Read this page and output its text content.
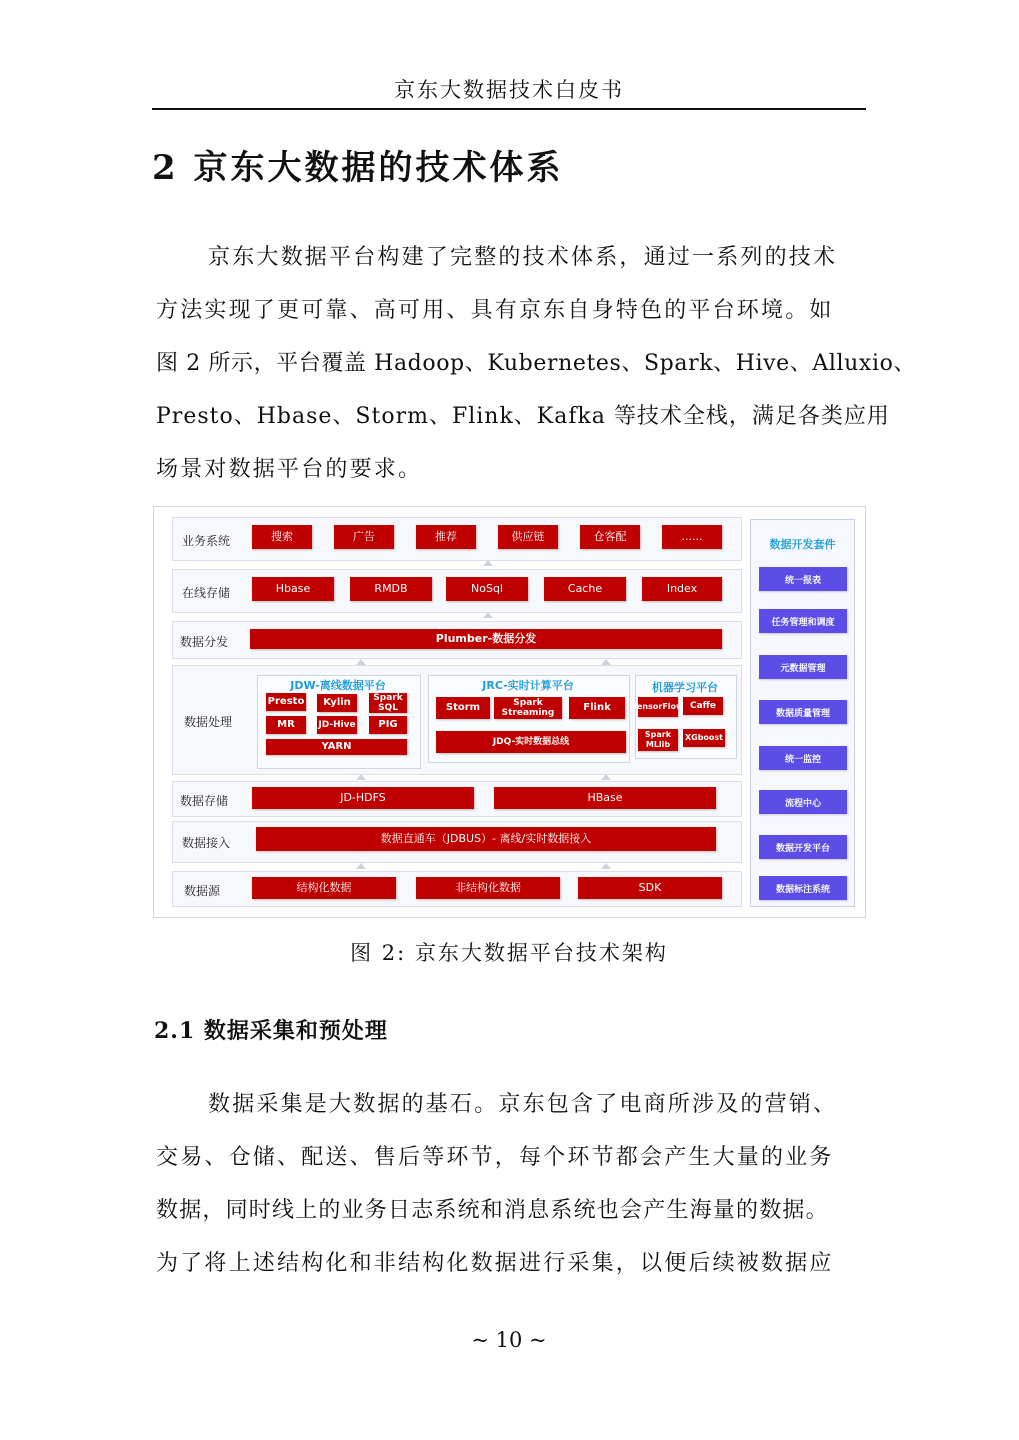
京东大数据技术白皮书
2 京东大数据的技术体系
京东大数据平台构建了完整的技术体系，通过一系列的技术
方法实现了更可靠、高可用、具有京东自身特色的平台环境。如
图 2 所示，平台覆盖 Hadoop、Kubernetes、Spark、Hive、Alluxio、
Presto、Hbase、Storm、Flink、Kafka 等技术全栈，满足各类应用
场景对数据平台的要求。
业务系统	搜索	广告	推荐	供应链	仓客配	......
在线存储	Hbase	RMDB	NoSql	Cache	Index
数据分发	Plumber-数据分发
数据处理
JDW-离线数据平台
Presto	Kylin	Spark SQL
MR	JD-Hive	PIG
YARN
JRC-实时计算平台
Storm	Spark Streaming	Flink
JDQ-实时数据总线
机器学习平台
TensorFlow Caffe
Spark MLlib
XGboost
数据存储	JD-HDFS	HBase
数据接入	数据直通车（JDBUS）- 离线/实时数据接入
数据源	结构化数据	非结构化数据	SDK
数据开发套件
统一报表
任务管理和调度
元数据管理
数据质量管理
统一监控
流程中心
数据开发平台
数据标注系统
图 2: 京东大数据平台技术架构
2.1 数据采集和预处理
数据采集是大数据的基石。京东包含了电商所涉及的营销、
交易、仓储、配送、售后等环节，每个环节都会产生大量的业务
数据，同时线上的业务日志系统和消息系统也会产生海量的数据。
为了将上述结构化和非结构化数据进行采集，以便后续被数据应
~ 10 ~
